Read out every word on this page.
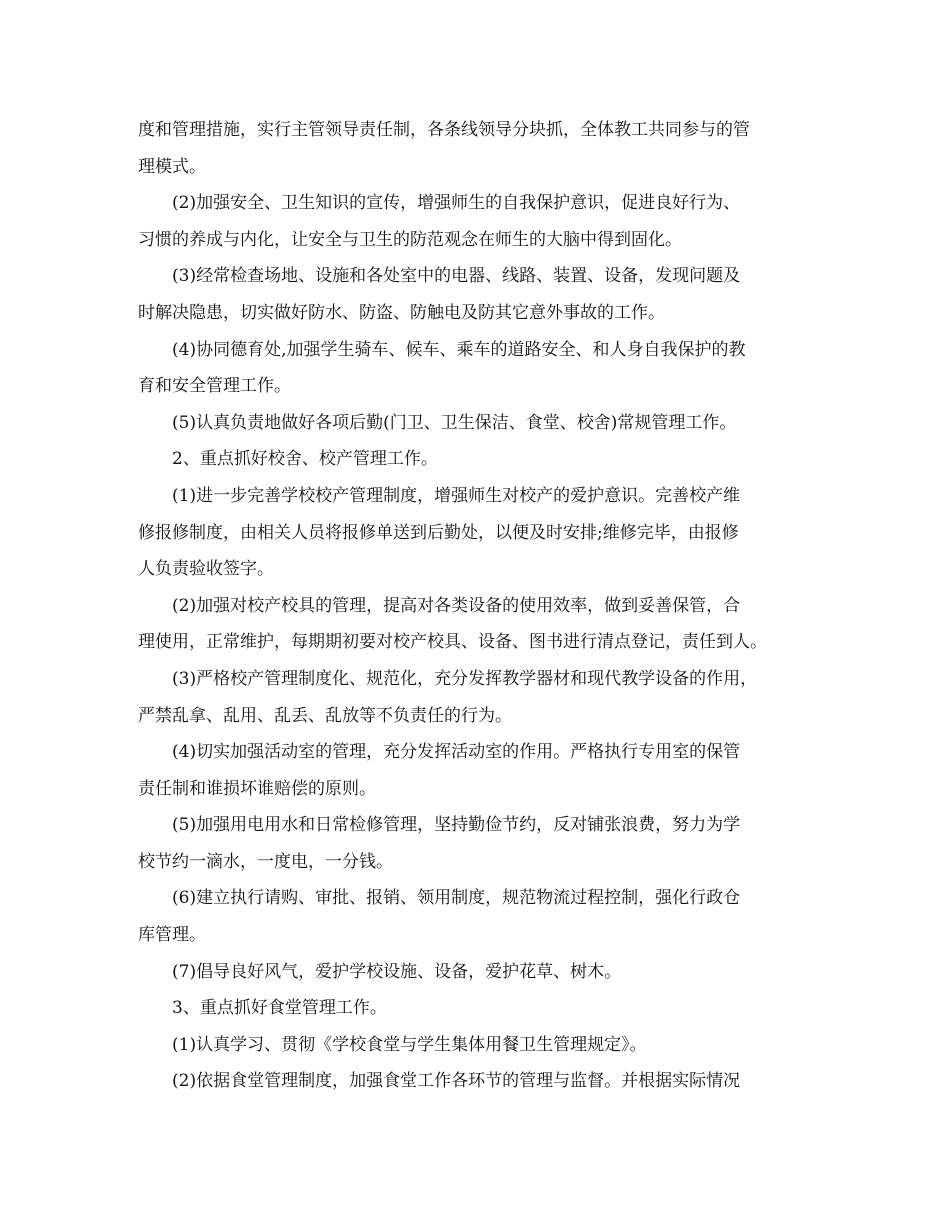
度和管理措施，实行主管领导责任制，各条线领导分块抓，全体教工共同参与的管
理模式。

(2)加强安全、卫生知识的宣传，增强师生的自我保护意识，促进良好行为、
习惯的养成与内化，让安全与卫生的防范观念在师生的大脑中得到固化。

(3)经常检查场地、设施和各处室中的电器、线路、装置、设备，发现问题及
时解决隐患，切实做好防水、防盗、防触电及防其它意外事故的工作。

(4)协同德育处,加强学生骑车、候车、乘车的道路安全、和人身自我保护的教
育和安全管理工作。

(5)认真负责地做好各项后勤(门卫、卫生保洁、食堂、校舍)常规管理工作。

2、重点抓好校舍、校产管理工作。

(1)进一步完善学校校产管理制度，增强师生对校产的爱护意识。完善校产维
修报修制度，由相关人员将报修单送到后勤处，以便及时安排;维修完毕，由报修
人负责验收签字。

(2)加强对校产校具的管理，提高对各类设备的使用效率，做到妥善保管，合
理使用，正常维护，每期期初要对校产校具、设备、图书进行清点登记，责任到人。

(3)严格校产管理制度化、规范化，充分发挥教学器材和现代教学设备的作用，
严禁乱拿、乱用、乱丢、乱放等不负责任的行为。

(4)切实加强活动室的管理，充分发挥活动室的作用。严格执行专用室的保管
责任制和谁损坏谁赔偿的原则。

(5)加强用电用水和日常检修管理，坚持勤俭节约，反对铺张浪费，努力为学
校节约一滴水，一度电，一分钱。

(6)建立执行请购、审批、报销、领用制度，规范物流过程控制，强化行政仓
库管理。

(7)倡导良好风气，爱护学校设施、设备，爱护花草、树木。

3、重点抓好食堂管理工作。

(1)认真学习、贯彻《学校食堂与学生集体用餐卫生管理规定》。

(2)依据食堂管理制度，加强食堂工作各环节的管理与监督。并根据实际情况
